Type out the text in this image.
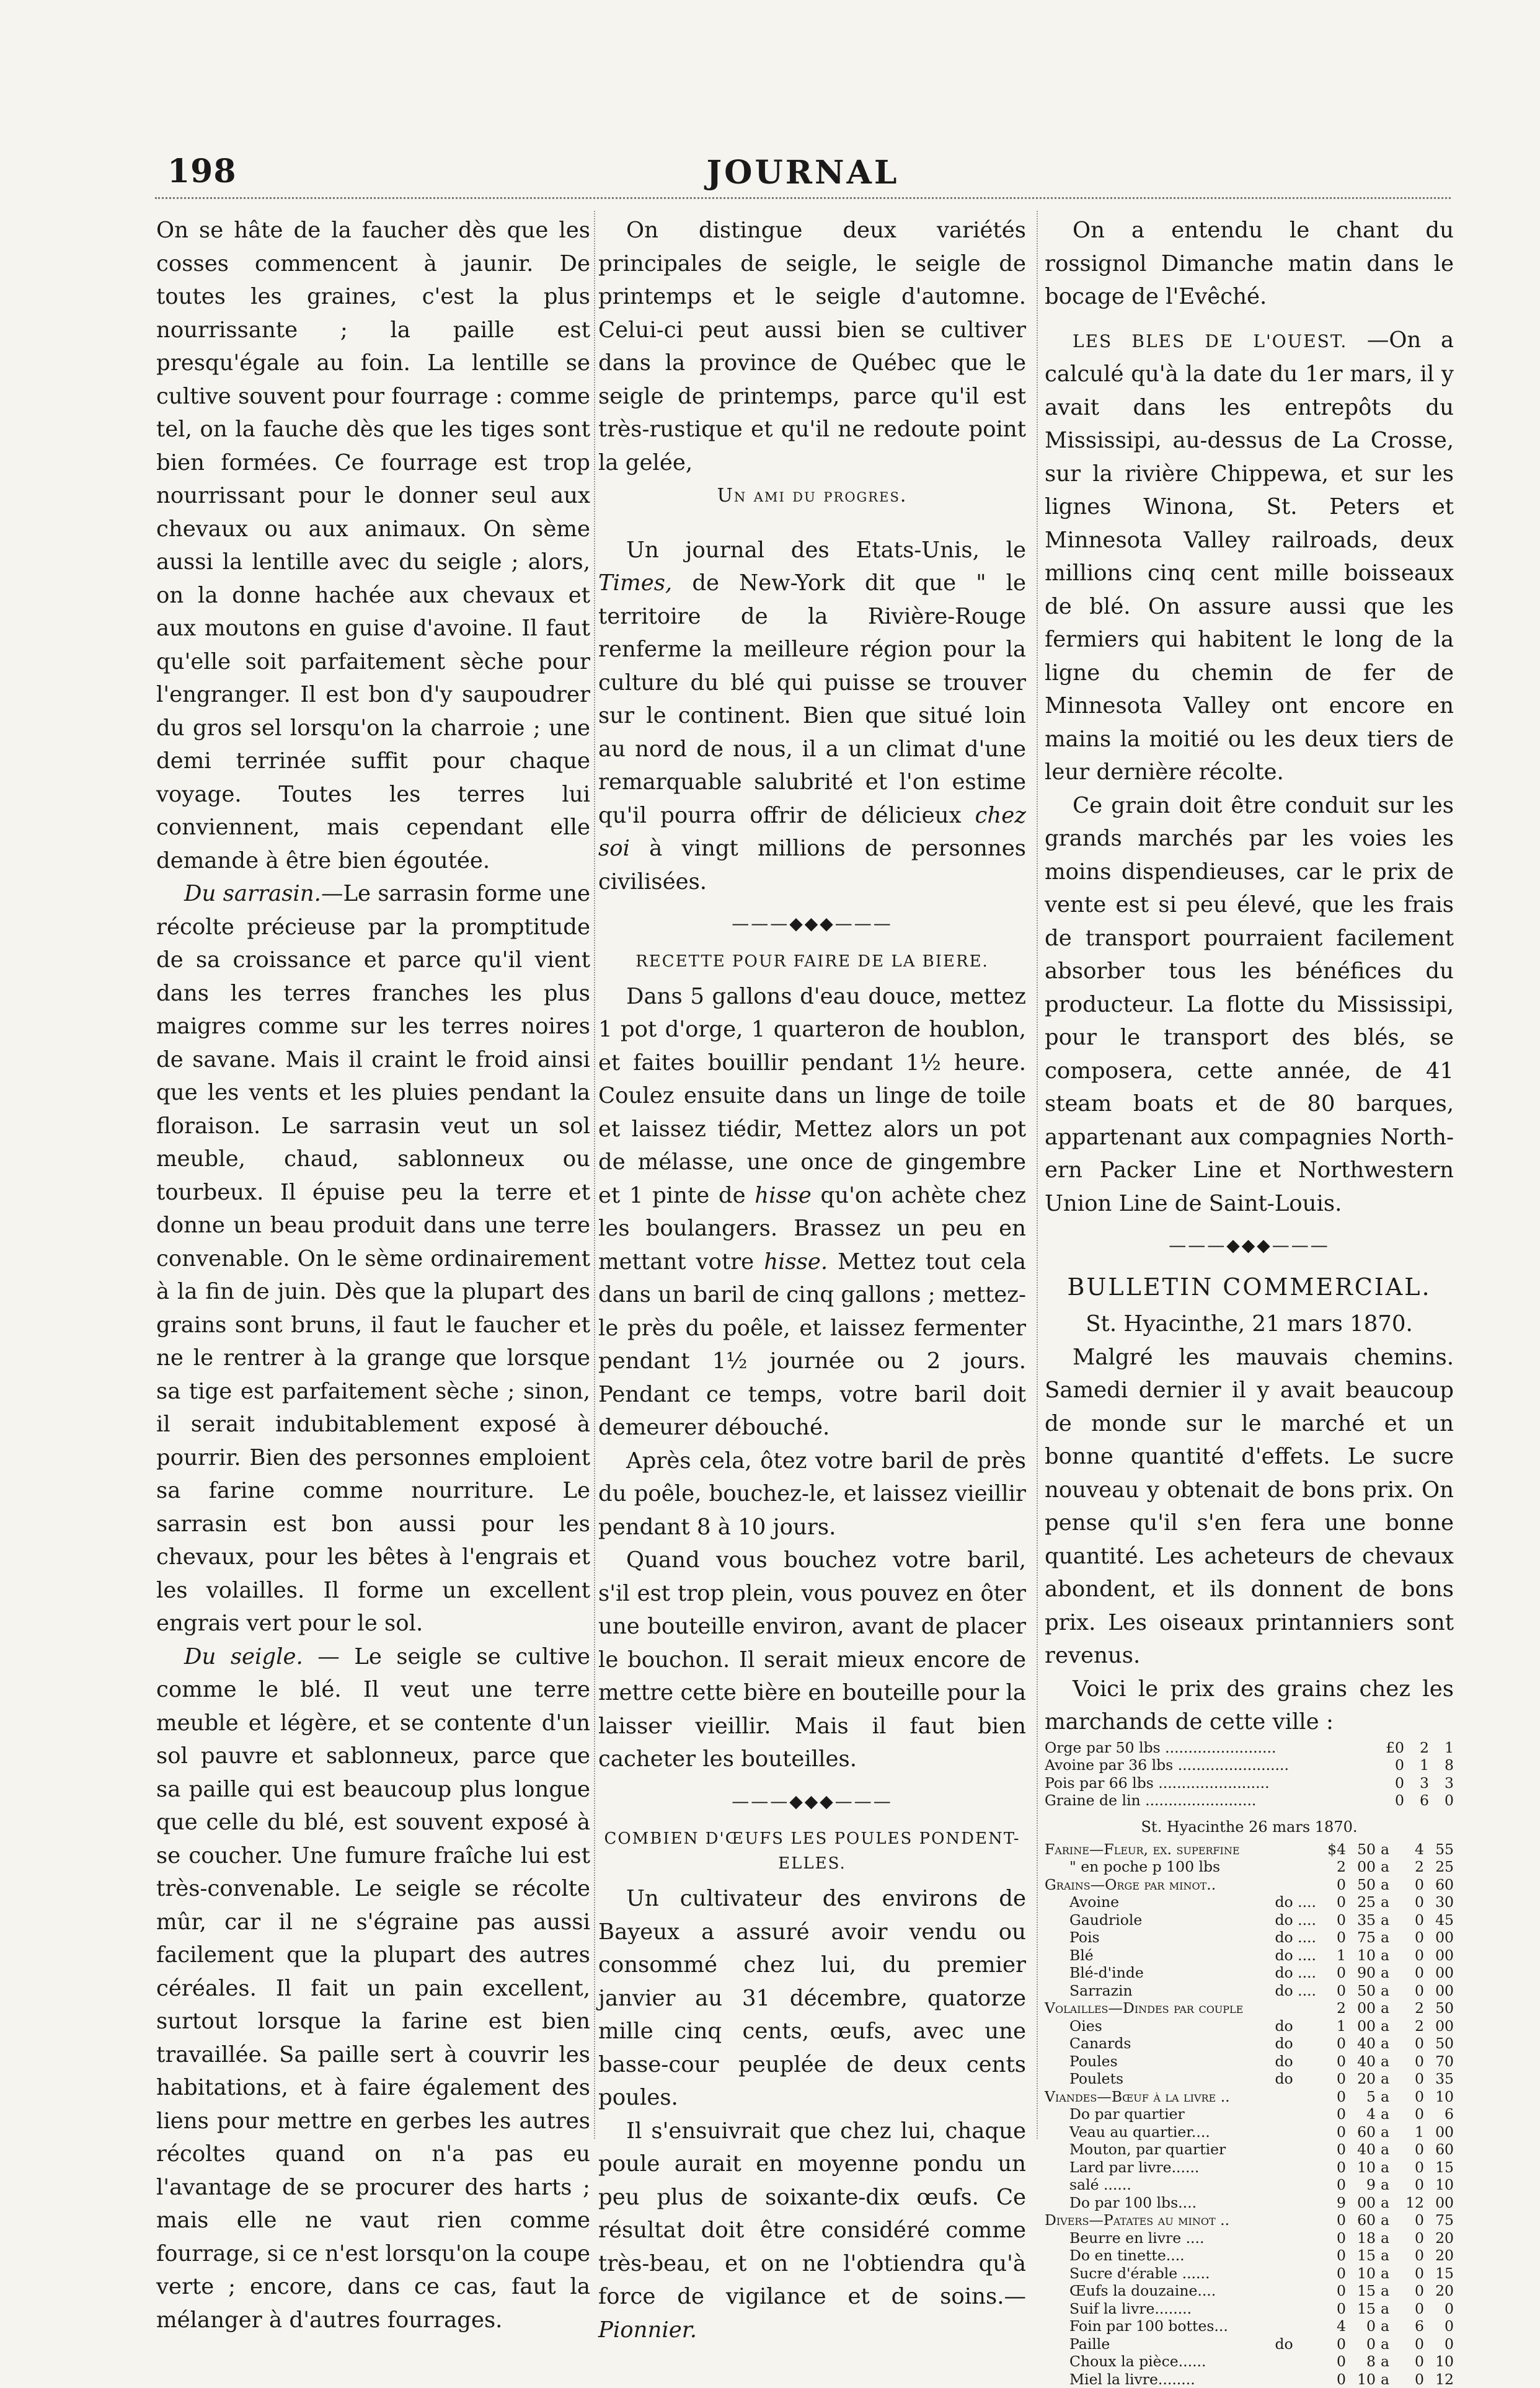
198	JOURNAL

On se hâte de la faucher dès que les cosses commencent à jaunir. De toutes les graines, c'est la plus nourrissante ; la paille est presqu'égale au foin. La lentille se cultive souvent pour fourrage : comme tel, on la fauche dès que les tiges sont bien formées. Ce fourrage est trop nourrissant pour le donner seul aux chevaux ou aux animaux. On sème aussi la lentille avec du seigle ; alors, on la donne hachée aux chevaux et aux moutons en guise d'avoine. Il faut qu'elle soit parfaitement sèche pour l'engranger. Il est bon d'y saupoudrer du gros sel lorsqu'on la charroie ; une demi terrinée suffit pour chaque voyage. Toutes les terres lui conviennent, mais cependant elle demande à être bien égoutée.

Du sarrasin.—Le sarrasin forme une récolte précieuse par la promptitude de sa croissance et parce qu'il vient dans les terres franches les plus maigres comme sur les terres noires de savane. Mais il craint le froid ainsi que les vents et les pluies pendant la floraison. Le sarrasin veut un sol meuble, chaud, sablonneux ou tourbeux. Il épuise peu la terre et donne un beau produit dans une terre convenable. On le sème ordinairement à la fin de juin. Dès que la plupart des grains sont bruns, il faut le faucher et ne le rentrer à la grange que lorsque sa tige est parfaitement sèche ; sinon, il serait indubitablement exposé à pourrir. Bien des personnes emploient sa farine comme nourriture. Le sarrasin est bon aussi pour les chevaux, pour les bêtes à l'engrais et les volailles. Il forme un excellent engrais vert pour le sol.

Du seigle. — Le seigle se cultive comme le blé. Il veut une terre meuble et légère, et se contente d'un sol pauvre et sablonneux, parce que sa paille qui est beaucoup plus longue que celle du blé, est souvent exposé à se coucher. Une fumure fraîche lui est très-convenable. Le seigle se récolte mûr, car il ne s'égraine pas aussi facilement que la plupart des autres céréales. Il fait un pain excellent, surtout lorsque la farine est bien travaillée. Sa paille sert à couvrir les habitations, et à faire également des liens pour mettre en gerbes les autres récoltes quand on n'a pas eu l'avantage de se procurer des harts ; mais elle ne vaut rien comme fourrage, si ce n'est lorsqu'on la coupe verte ; encore, dans ce cas, faut la mélanger à d'autres fourrages.

On distingue deux variétés principales de seigle, le seigle de printemps et le seigle d'automne. Celui-ci peut aussi bien se cultiver dans la province de Québec que le seigle de printemps, parce qu'il est très-rustique et qu'il ne redoute point la gelée,

Un ami du progres.

Un journal des Etats-Unis, le Times, de New-York dit que " le territoire de la Rivière-Rouge renferme la meilleure région pour la culture du blé qui puisse se trouver sur le continent. Bien que situé loin au nord de nous, il a un climat d'une remarquable salubrité et l'on estime qu'il pourra offrir de délicieux chez soi à vingt millions de personnes civilisées.

———◆◆◆———

RECETTE POUR FAIRE DE LA BIERE.

Dans 5 gallons d'eau douce, mettez 1 pot d'orge, 1 quarteron de houblon, et faites bouillir pendant 1½ heure. Coulez ensuite dans un linge de toile et laissez tiédir, Mettez alors un pot de mélasse, une once de gingembre et 1 pinte de hisse qu'on achète chez les boulangers. Brassez un peu en mettant votre hisse. Mettez tout cela dans un baril de cinq gallons ; mettez-le près du poêle, et laissez fermenter pendant 1½ journée ou 2 jours. Pendant ce temps, votre baril doit demeurer débouché.

Après cela, ôtez votre baril de près du poêle, bouchez-le, et laissez vieillir pendant 8 à 10 jours.

Quand vous bouchez votre baril, s'il est trop plein, vous pouvez en ôter une bouteille environ, avant de placer le bouchon. Il serait mieux encore de mettre cette bière en bouteille pour la laisser vieillir. Mais il faut bien cacheter les bouteilles.

———◆◆◆———

COMBIEN D'ŒUFS LES POULES PONDENT-ELLES.

Un cultivateur des environs de Bayeux a assuré avoir vendu ou consommé chez lui, du premier janvier au 31 décembre, quatorze mille cinq cents, œufs, avec une basse-cour peuplée de deux cents poules.

Il s'ensuivrait que chez lui, chaque poule aurait en moyenne pondu un peu plus de soixante-dix œufs. Ce résultat doit être considéré comme très-beau, et on ne l'obtiendra qu'à force de vigilance et de soins.—Pionnier.

On a entendu le chant du rossignol Dimanche matin dans le bocage de l'Evêché.

LES BLES DE L'OUEST. —On a calculé qu'à la date du 1er mars, il y avait dans les entrepôts du Mississipi, au-dessus de La Crosse, sur la rivière Chippewa, et sur les lignes Winona, St. Peters et Minnesota Valley railroads, deux millions cinq cent mille boisseaux de blé. On assure aussi que les fermiers qui habitent le long de la ligne du chemin de fer de Minnesota Valley ont encore en mains la moitié ou les deux tiers de leur dernière récolte.

Ce grain doit être conduit sur les grands marchés par les voies les moins dispendieuses, car le prix de vente est si peu élevé, que les frais de transport pourraient facilement absorber tous les bénéfices du producteur. La flotte du Mississipi, pour le transport des blés, se composera, cette année, de 41 steam boats et de 80 barques, appartenant aux compagnies North-ern Packer Line et Northwestern Union Line de Saint-Louis.

———◆◆◆———

BULLETIN COMMERCIAL.

St. Hyacinthe, 21 mars 1870.

Malgré les mauvais chemins. Samedi dernier il y avait beaucoup de monde sur le marché et un bonne quantité d'effets. Le sucre nouveau y obtenait de bons prix. On pense qu'il s'en fera une bonne quantité. Les acheteurs de chevaux abondent, et ils donnent de bons prix. Les oiseaux printanniers sont revenus.

Voici le prix des grains chez les marchands de cette ville :

Orge par 50 lbs ........................	£0	2	1
Avoine par 36 lbs ........................	0	1	8
Pois par 66 lbs ........................	0	3	3
Graine de lin ........................	0	6	0

St. Hyacinthe 26 mars 1870.

Farine—Fleur, ex. superfine		$4	50	a	4	55
" en poche p 100 lbs		2	00	a	2	25
Grains—Orge par minot..		0	50	a	0	60
Avoine	do ....	0	25	a	0	30
Gaudriole	do ....	0	35	a	0	45
Pois	do ....	0	75	a	0	00
Blé	do ....	1	10	a	0	00
Blé-d'inde	do ....	0	90	a	0	00
Sarrazin	do ....	0	50	a	0	00
Volailles—Dindes par couple		2	00	a	2	50
Oies	do	1	00	a	2	00
Canards	do	0	40	a	0	50
Poules	do	0	40	a	0	70
Poulets	do	0	20	a	0	35
Viandes—Bœuf à la livre ..		0	5	a	0	10
Do par quartier		0	4	a	0	6
Veau au quartier....		0	60	a	1	00
Mouton, par quartier		0	40	a	0	60
Lard par livre......		0	10	a	0	15
salé ......		0	9	a	0	10
Do par 100 lbs....		9	00	a	12	00
Divers—Patates au minot ..		0	60	a	0	75
Beurre en livre ....		0	18	a	0	20
Do en tinette....		0	15	a	0	20
Sucre d'érable ......		0	10	a	0	15
Œufs la douzaine....		0	15	a	0	20
Suif la livre........		0	15	a	0	0
Foin par 100 bottes...		4	0	a	6	0
Paille	do	0	0	a	0	0
Choux la pièce......		0	8	a	0	10
Miel la livre........		0	10	a	0	12
